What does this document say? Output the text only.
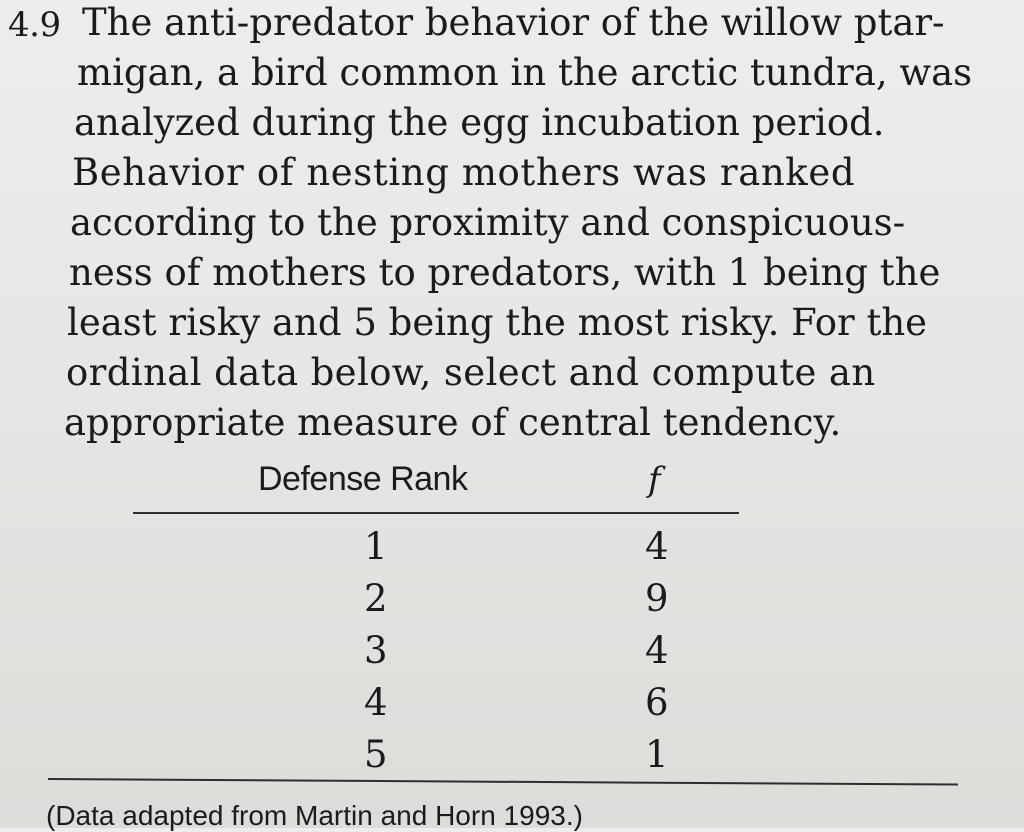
4.9 The anti-predator behavior of the willow ptar-
migan, a bird common in the arctic tundra, was
analyzed during the egg incubation period.
Behavior of nesting mothers was ranked
according to the proximity and conspicuous-
ness of mothers to predators, with 1 being the
least risky and 5 being the most risky. For the
ordinal data below, select and compute an
appropriate measure of central tendency.
Defense Rank	f
1	4
2	9
3	4
4	6
5	1
(Data adapted from Martin and Horn 1993.)
